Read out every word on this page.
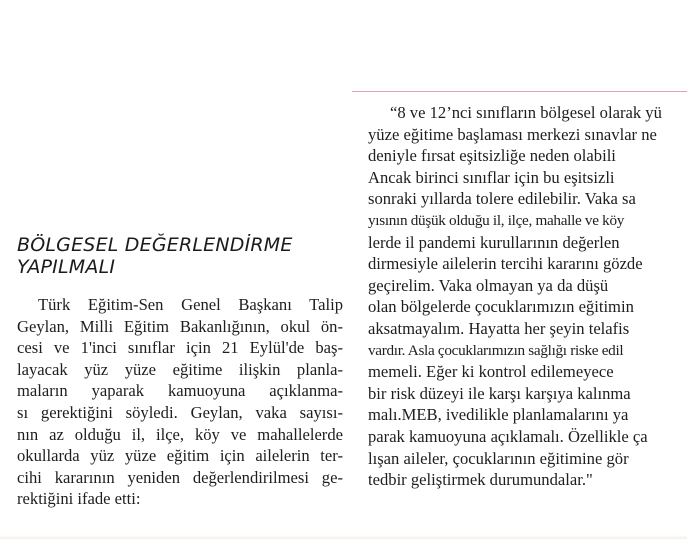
BÖLGESEL DEĞERLENDİRME
YAPILMALI
Türk Eğitim-Sen Genel Başkanı Talip
Geylan, Milli Eğitim Bakanlığının, okul ön-
cesi ve 1'inci sınıflar için 21 Eylül'de baş-
layacak yüz yüze eğitime ilişkin planla-
maların yaparak kamuoyuna açıklanma-
sı gerektiğini söyledi. Geylan, vaka sayısı-
nın az olduğu il, ilçe, köy ve mahallelerde
okullarda yüz yüze eğitim için ailelerin ter-
cihi kararının yeniden değerlendirilmesi ge-
rektiğini ifade etti:
“8 ve 12’nci sınıfların bölgesel olarak yü
yüze eğitime başlaması merkezi sınavlar ne
deniyle fırsat eşitsizliğe neden olabili
Ancak birinci sınıflar için bu eşitsizli
sonraki yıllarda tolere edilebilir. Vaka sa
yısının düşük olduğu il, ilçe, mahalle ve köy
lerde il pandemi kurullarının değerlen
dirmesiyle ailelerin tercihi kararını gözde
geçirelim. Vaka olmayan ya da düşü
olan bölgelerde çocuklarımızın eğitimin
aksatmayalım. Hayatta her şeyin telafis
vardır. Asla çocuklarımızın sağlığı riske edil
memeli. Eğer ki kontrol edilemeyece
bir risk düzeyi ile karşı karşıya kalınma
malı.MEB, ivedilikle planlamalarını ya
parak kamuoyuna açıklamalı. Özellikle ça
lışan aileler, çocuklarının eğitimine gör
tedbir geliştirmek durumundalar."
